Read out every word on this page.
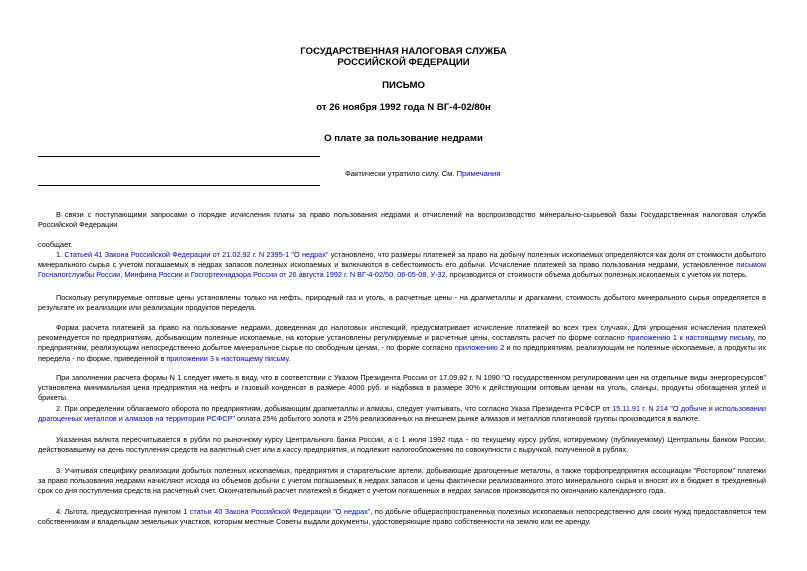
ГОСУДАРСТВЕННАЯ НАЛОГОВАЯ СЛУЖБА
РОССИЙСКОЙ ФЕДЕРАЦИИ
ПИСЬМО
от 26 ноября 1992 года N ВГ-4-02/80н
О плате за пользование недрами
Фактически утратило силу. См. Примечания

В связи с поступающими запросами о порядке исчисления платы за право пользования недрами и отчислений на воспроизводство минерально-сырьевой базы Государственная налоговая служба Российской Федерации

сообщает.

1. Статьей 41 Закона Российской Федерации от 21.02.92 г. N 2395-1 "О недрах" установлено, что размеры платежей за право на добычу полезных ископаемых определяются как доля от стоимости добытого минерального сырья с учетом погашаемых в недрах запасов полезных ископаемых и включаются в себестоимость его добычи. Исчисление платежей за право пользования недрами, установленное письмом Госналогслужбы России, Минфина России и Госгортехнадзора России от 26 августа 1992 г. N ВГ-4-02/50, 06-05-08, У-32, производится от стоимости объема добытых полезных ископаемых с учетом их потерь.

Поскольку регулируемые оптовые цены установлены только на нефть, природный газ и уголь, а расчетные цены - на драгметаллы и драгкамни, стоимость добытого минерального сырья определяется в результате их реализации или реализации продуктов передела.

Форма расчета платежей за право на пользование недрами, доведенная до налоговых инспекций, предусматривает исчисление платежей во всех трех случаях. Для упрощения исчисления платежей рекомендуется по предприятиям, добывающим полезные ископаемые, на которые установлены регулируемые и расчетные цены, составлять расчет по форме согласно приложению 1 к настоящему письму, по предприятиям, реализующим непосредственно добытое минеральное сырье по свободным ценам, - по форме согласно приложению 2 и по предприятиям, реализующим не полезные ископаемые, а продукты их передела - по форме, приведенной в приложении 3 к настоящему письму.

При заполнении расчета формы N 1 следует иметь в виду, что в соответствии с Указом Президента России от 17.09.92 г. N 1090 "О государственном регулировании цен на отдельные виды энергоресурсов" установлена минимальная цена предприятия на нефть и газовый конденсат в размере 4000 руб. и надбавка в размере 30% к действующим оптовым ценам на уголь, сланцы, продукты обогащения углей и брикеты.

2. При определении облагаемого оборота по предприятиям, добывающим драгметаллы и алмазы, следует учитывать, что согласно Указа Президента РСФСР от 15.11.91 г. N 214 "О добыче и использовании драгоценных металлов и алмазов на территории РСФСР" оплата 25% добытого золота и 25% реализованных на внешнем рынке алмазов и металлов платиновой группы производится в валюте.

Указанная валюта пересчитывается в рубли по рыночному курсу Центрального банка России, а с 1 июля 1992 года - по текущему курсу рубля, котируемому (публикуемому) Центральны банком России, действовавшему на день поступления средств на валютный счет или в кассу предприятия, и подлежит налогообложению по совокупности с выручкой, полученной в рублях.

3. Учитывая специфику реализации добытых полезных ископаемых, предприятия и старательские артели, добывающие драгоценные металлы, а также торфопредприятия ассоциации "Росторпом" платежи за право пользования недрами начисляют исходя из объемов добычи с учетом погашаемых в недрах запасов и цены фактически реализованного этого минерального сырья и вносят их в бюджет в трехдневный срок со дня поступления средств на расчетный счет. Окончательный расчет платежей в бюджет с учетом погашенных в недрах запасов производится по окончанию календарного года.

4. Льгота, предусмотренная пунктом 1 статьи 40 Закона Российской Федерации "О недрах", по добыче общераспространенных полезных ископаемых непосредственно для своих нужд предоставляется тем собственникам и владельцам земельных участков, которым местные Советы выдали документы, удостоверяющие право собственности на землю или ее аренду.
